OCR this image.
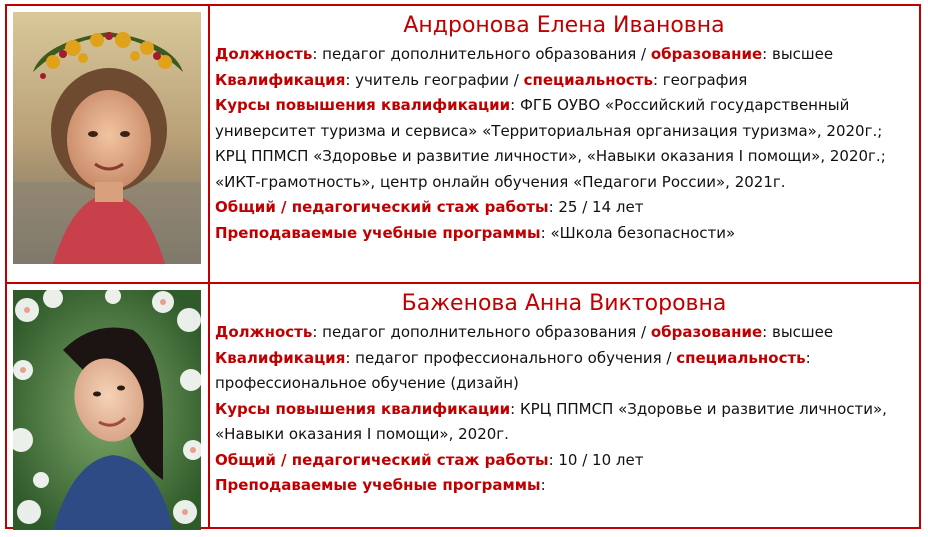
Андронова Елена Ивановна
Должность: педагог дополнительного образования / образование: высшее
Квалификация: учитель географии / специальность: география
Курсы повышения квалификации: ФГБ ОУВО «Российский государственный университет туризма и сервиса» «Территориальная организация туризма», 2020г.; КРЦ ППМСП «Здоровье и развитие личности», «Навыки оказания I помощи», 2020г.; «ИКТ-грамотность», центр онлайн обучения «Педагоги России», 2021г.
Общий / педагогический стаж работы: 25 / 14 лет
Преподаваемые учебные программы: «Школа безопасности»
Баженова Анна Викторовна
Должность: педагог дополнительного образования / образование: высшее
Квалификация: педагог профессионального обучения / специальность: профессиональное обучение (дизайн)
Курсы повышения квалификации: КРЦ ППМСП «Здоровье и развитие личности», «Навыки оказания I помощи», 2020г.
Общий / педагогический стаж работы: 10 / 10 лет
Преподаваемые учебные программы:
